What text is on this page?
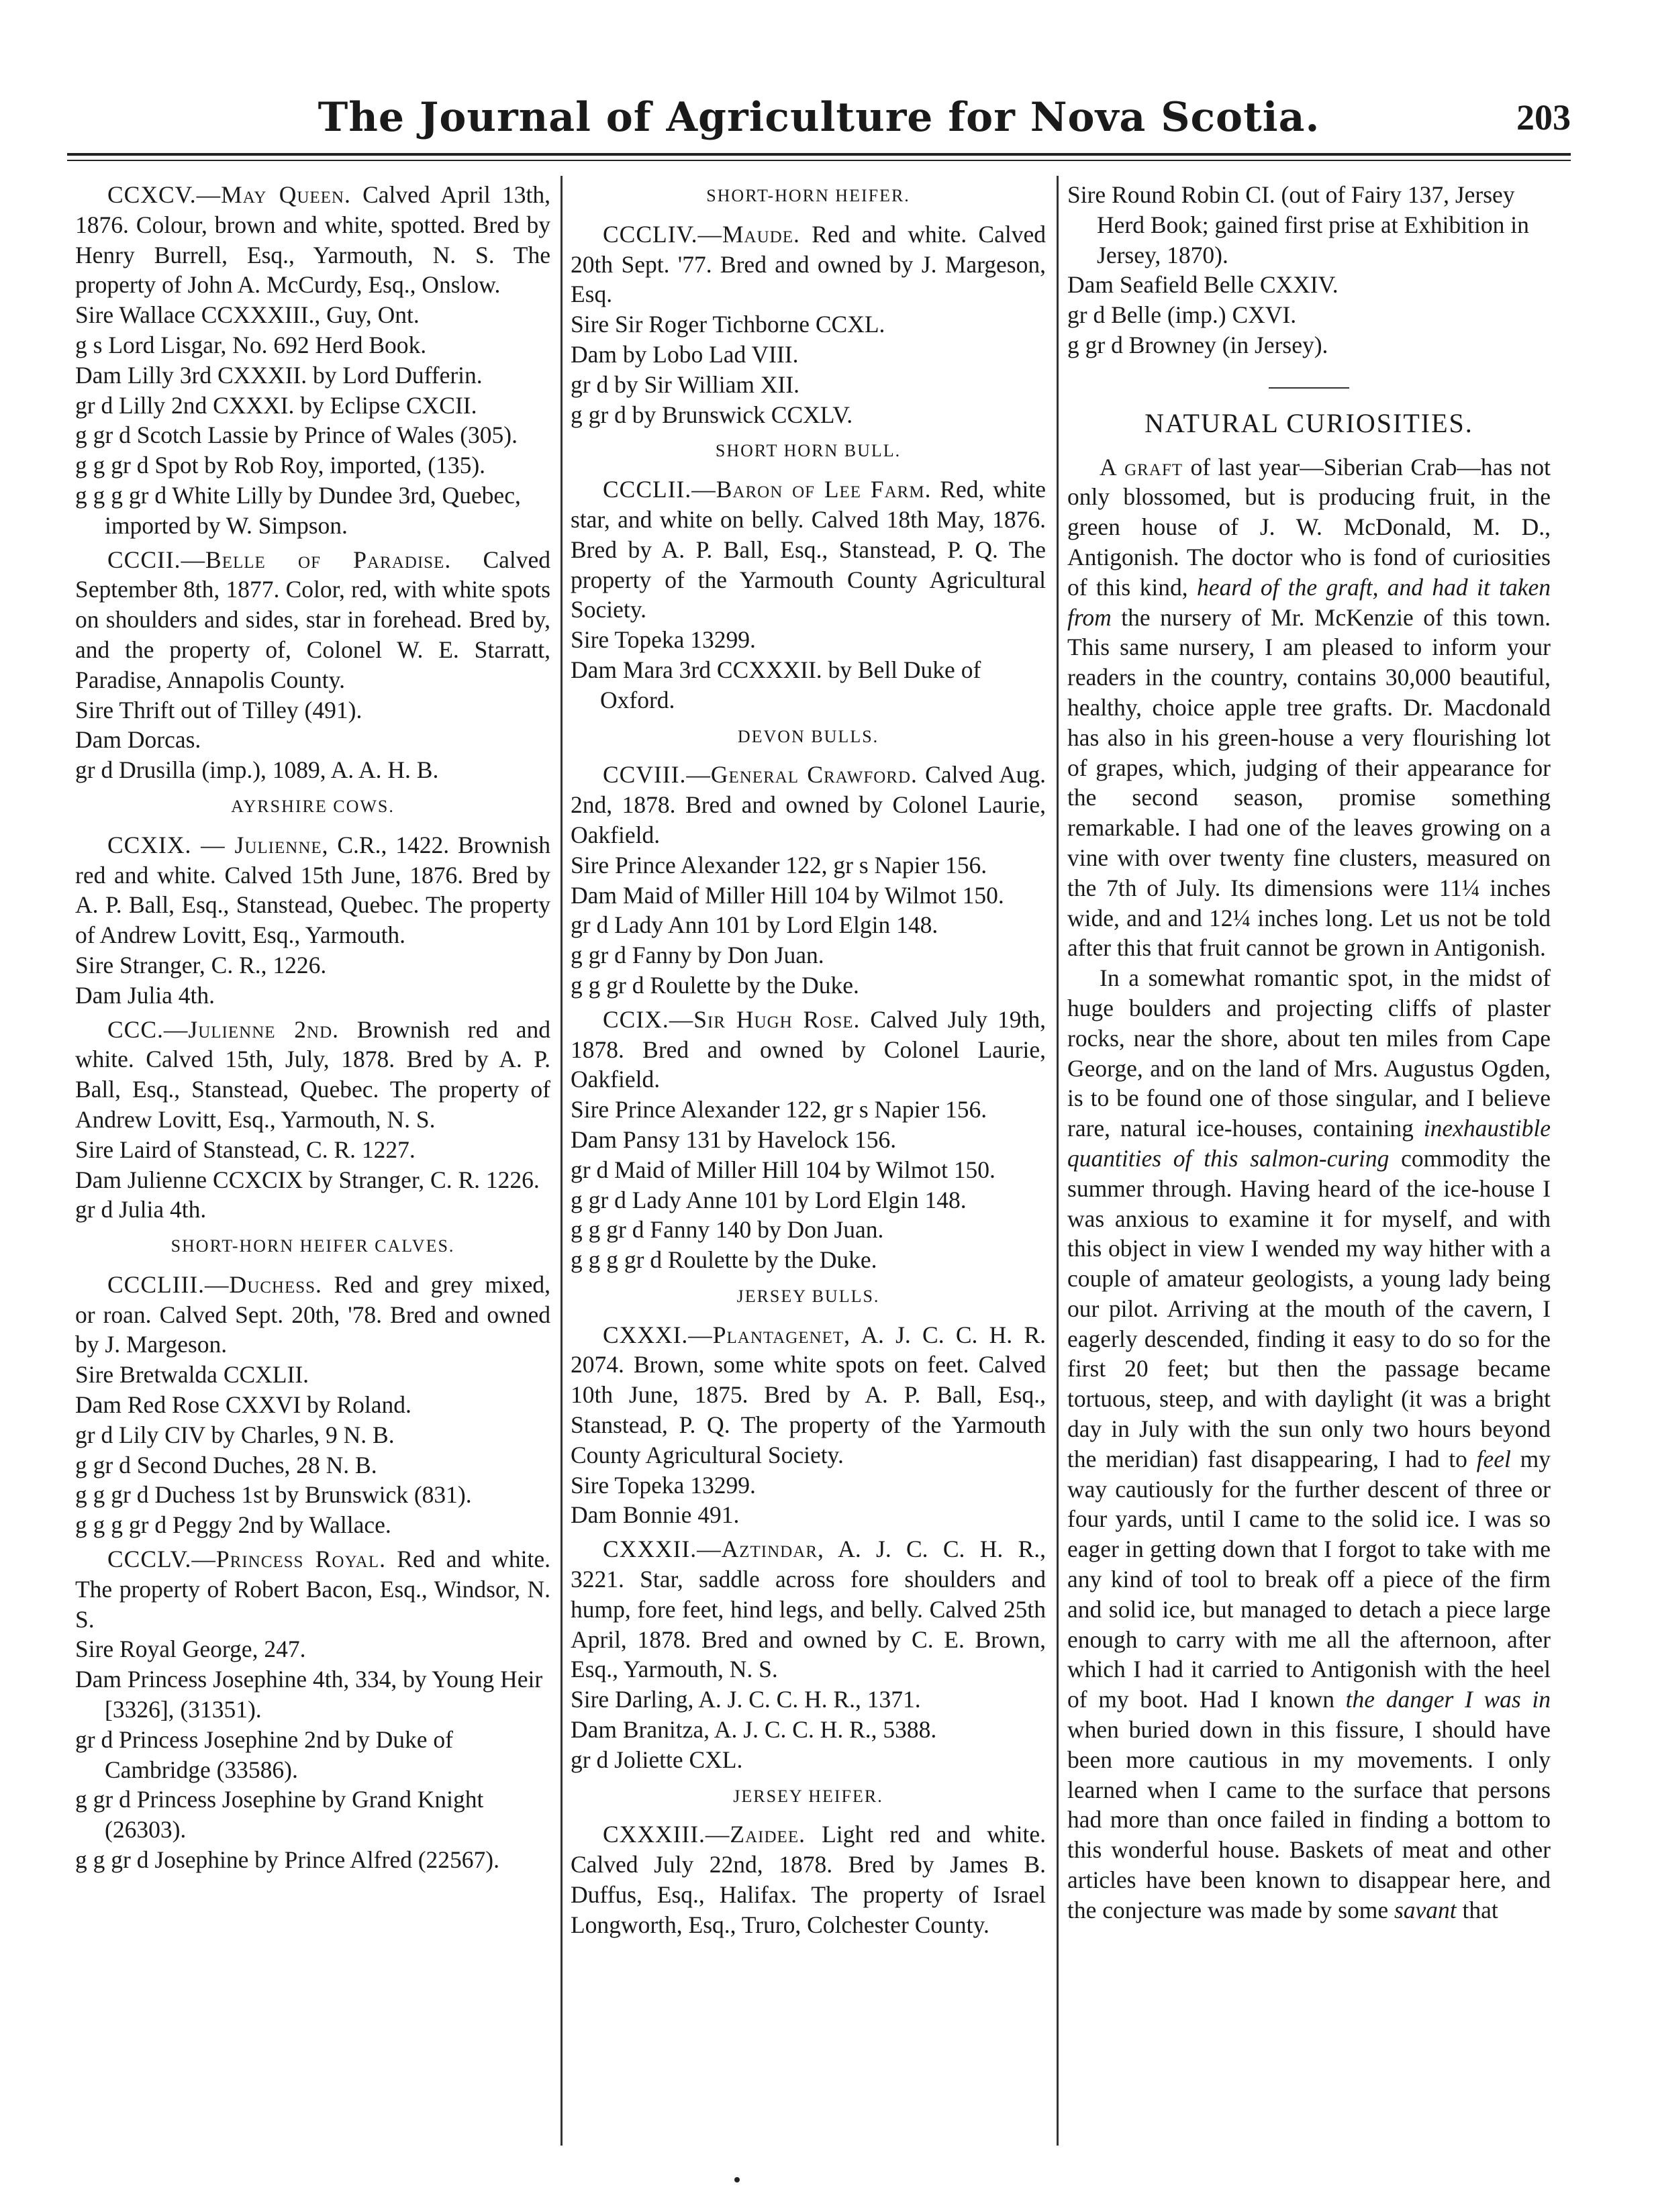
The Journal of Agriculture for Nova Scotia.	203

CCXCV.—May Queen. Calved April 13th, 1876. Colour, brown and white, spotted. Bred by Henry Burrell, Esq., Yarmouth, N. S. The property of John A. McCurdy, Esq., Onslow.

Sire Wallace CCXXXIII., Guy, Ont.

g s Lord Lisgar, No. 692 Herd Book.

Dam Lilly 3rd CXXXII. by Lord Dufferin.

gr d Lilly 2nd CXXXI. by Eclipse CXCII.

g gr d Scotch Lassie by Prince of Wales (305).

g g gr d Spot by Rob Roy, imported, (135).

g g g gr d White Lilly by Dundee 3rd, Quebec, imported by W. Simpson.

CCCII.—Belle of Paradise. Calved September 8th, 1877. Color, red, with white spots on shoulders and sides, star in forehead. Bred by, and the property of, Colonel W. E. Starratt, Paradise, Annapolis County.

Sire Thrift out of Tilley (491).

Dam Dorcas.

gr d Drusilla (imp.), 1089, A. A. H. B.

AYRSHIRE COWS.

CCXIX. — Julienne, C.R., 1422. Brownish red and white. Calved 15th June, 1876. Bred by A. P. Ball, Esq., Stanstead, Quebec. The property of Andrew Lovitt, Esq., Yarmouth.

Sire Stranger, C. R., 1226.

Dam Julia 4th.

CCC.—Julienne 2nd. Brownish red and white. Calved 15th, July, 1878. Bred by A. P. Ball, Esq., Stanstead, Quebec. The property of Andrew Lovitt, Esq., Yarmouth, N. S.

Sire Laird of Stanstead, C. R. 1227.

Dam Julienne CCXCIX by Stranger, C. R. 1226.

gr d Julia 4th.

SHORT-HORN HEIFER CALVES.

CCCLIII.—Duchess. Red and grey mixed, or roan. Calved Sept. 20th, '78. Bred and owned by J. Margeson.

Sire Bretwalda CCXLII.

Dam Red Rose CXXVI by Roland.

gr d Lily CIV by Charles, 9 N. B.

g gr d Second Duches, 28 N. B.

g g gr d Duchess 1st by Brunswick (831).

g g g gr d Peggy 2nd by Wallace.

CCCLV.—Princess Royal. Red and white. The property of Robert Bacon, Esq., Windsor, N. S.

Sire Royal George, 247.

Dam Princess Josephine 4th, 334, by Young Heir [3326], (31351).

gr d Princess Josephine 2nd by Duke of Cambridge (33586).

g gr d Princess Josephine by Grand Knight (26303).

g g gr d Josephine by Prince Alfred (22567).

SHORT-HORN HEIFER.

CCCLIV.—Maude. Red and white. Calved 20th Sept. '77. Bred and owned by J. Margeson, Esq.

Sire Sir Roger Tichborne CCXL.

Dam by Lobo Lad VIII.

gr d by Sir William XII.

g gr d by Brunswick CCXLV.

SHORT HORN BULL.

CCCLII.—Baron of Lee Farm. Red, white star, and white on belly. Calved 18th May, 1876. Bred by A. P. Ball, Esq., Stanstead, P. Q. The property of the Yarmouth County Agricultural Society.

Sire Topeka 13299.

Dam Mara 3rd CCXXXII. by Bell Duke of Oxford.

DEVON BULLS.

CCVIII.—General Crawford. Calved Aug. 2nd, 1878. Bred and owned by Colonel Laurie, Oakfield.

Sire Prince Alexander 122, gr s Napier 156.

Dam Maid of Miller Hill 104 by Wilmot 150.

gr d Lady Ann 101 by Lord Elgin 148.

g gr d Fanny by Don Juan.

g g gr d Roulette by the Duke.

CCIX.—Sir Hugh Rose. Calved July 19th, 1878. Bred and owned by Colonel Laurie, Oakfield.

Sire Prince Alexander 122, gr s Napier 156.

Dam Pansy 131 by Havelock 156.

gr d Maid of Miller Hill 104 by Wilmot 150.

g gr d Lady Anne 101 by Lord Elgin 148.

g g gr d Fanny 140 by Don Juan.

g g g gr d Roulette by the Duke.

JERSEY BULLS.

CXXXI.—Plantagenet, A. J. C. C. H. R. 2074. Brown, some white spots on feet. Calved 10th June, 1875. Bred by A. P. Ball, Esq., Stanstead, P. Q. The property of the Yarmouth County Agricultural Society.

Sire Topeka 13299.

Dam Bonnie 491.

CXXXII.—Aztindar, A. J. C. C. H. R., 3221. Star, saddle across fore shoulders and hump, fore feet, hind legs, and belly. Calved 25th April, 1878. Bred and owned by C. E. Brown, Esq., Yarmouth, N. S.

Sire Darling, A. J. C. C. H. R., 1371.

Dam Branitza, A. J. C. C. H. R., 5388.

gr d Joliette CXL.

JERSEY HEIFER.

CXXXIII.—Zaidee. Light red and white. Calved July 22nd, 1878. Bred by James B. Duffus, Esq., Halifax. The property of Israel Longworth, Esq., Truro, Colchester County.

Sire Round Robin CI. (out of Fairy 137, Jersey Herd Book; gained first prise at Exhibition in Jersey, 1870).

Dam Seafield Belle CXXIV.

gr d Belle (imp.) CXVI.

g gr d Browney (in Jersey).

NATURAL CURIOSITIES.

A graft of last year—Siberian Crab—has not only blossomed, but is producing fruit, in the green house of J. W. McDonald, M. D., Antigonish. The doctor who is fond of curiosities of this kind, heard of the graft, and had it taken from the nursery of Mr. McKenzie of this town. This same nursery, I am pleased to inform your readers in the country, contains 30,000 beautiful, healthy, choice apple tree grafts. Dr. Macdonald has also in his green-house a very flourishing lot of grapes, which, judging of their appearance for the second season, promise something remarkable. I had one of the leaves growing on a vine with over twenty fine clusters, measured on the 7th of July. Its dimensions were 11¼ inches wide, and and 12¼ inches long. Let us not be told after this that fruit cannot be grown in Antigonish.

In a somewhat romantic spot, in the midst of huge boulders and projecting cliffs of plaster rocks, near the shore, about ten miles from Cape George, and on the land of Mrs. Augustus Ogden, is to be found one of those singular, and I believe rare, natural ice-houses, containing inexhaustible quantities of this salmon-curing commodity the summer through. Having heard of the ice-house I was anxious to examine it for myself, and with this object in view I wended my way hither with a couple of amateur geologists, a young lady being our pilot. Arriving at the mouth of the cavern, I eagerly descended, finding it easy to do so for the first 20 feet; but then the passage became tortuous, steep, and with daylight (it was a bright day in July with the sun only two hours beyond the meridian) fast disappearing, I had to feel my way cautiously for the further descent of three or four yards, until I came to the solid ice. I was so eager in getting down that I forgot to take with me any kind of tool to break off a piece of the firm and solid ice, but managed to detach a piece large enough to carry with me all the afternoon, after which I had it carried to Antigonish with the heel of my boot. Had I known the danger I was in when buried down in this fissure, I should have been more cautious in my movements. I only learned when I came to the surface that persons had more than once failed in finding a bottom to this wonderful house. Baskets of meat and other articles have been known to disappear here, and the conjecture was made by some savant that
